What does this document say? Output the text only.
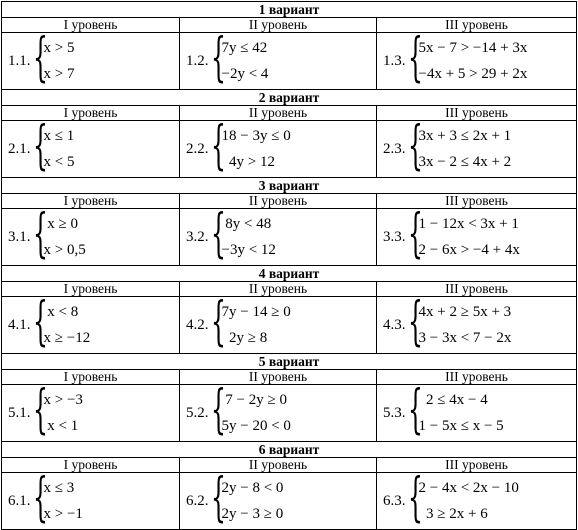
1 вариант		
I уровень	II уровень	III уровень

1.1. {
x > 5
x > 7	1.2. {
7y ≤ 42
−2y < 4	1.3. {
5x − 7 > −14 + 3x
−4x + 5 > 29 + 2x

2 вариант		
I уровень	II уровень	III уровень

2.1. {
x ≤ 1
x < 5	2.2. {
18 − 3y ≤ 0
4y > 12	2.3. {
3x + 3 ≤ 2x + 1
3x − 2 ≤ 4x + 2

3 вариант		
I уровень	II уровень	III уровень

3.1. {
x ≥ 0
x > 0,5	3.2. {
8y < 48
−3y < 12	3.3. {
1 − 12x < 3x + 1
2 − 6x > −4 + 4x

4 вариант		
I уровень	II уровень	III уровень

4.1. {
x < 8
x ≥ −12	4.2. {
7y − 14 ≥ 0
2y ≥ 8	4.3. {
4x + 2 ≥ 5x + 3
3 − 3x < 7 − 2x

5 вариант		
I уровень	II уровень	III уровень

5.1. {
x > −3
x < 1	5.2. {
7 − 2y ≥ 0
5y − 20 < 0	5.3. {
2 ≤ 4x − 4
1 − 5x ≤ x − 5

6 вариант		
I уровень	II уровень	III уровень

6.1. {
x ≤ 3
x > −1	6.2. {
2y − 8 < 0
2y − 3 ≥ 0	6.3. {
2 − 4x < 2x − 10
3 ≥ 2x + 6
